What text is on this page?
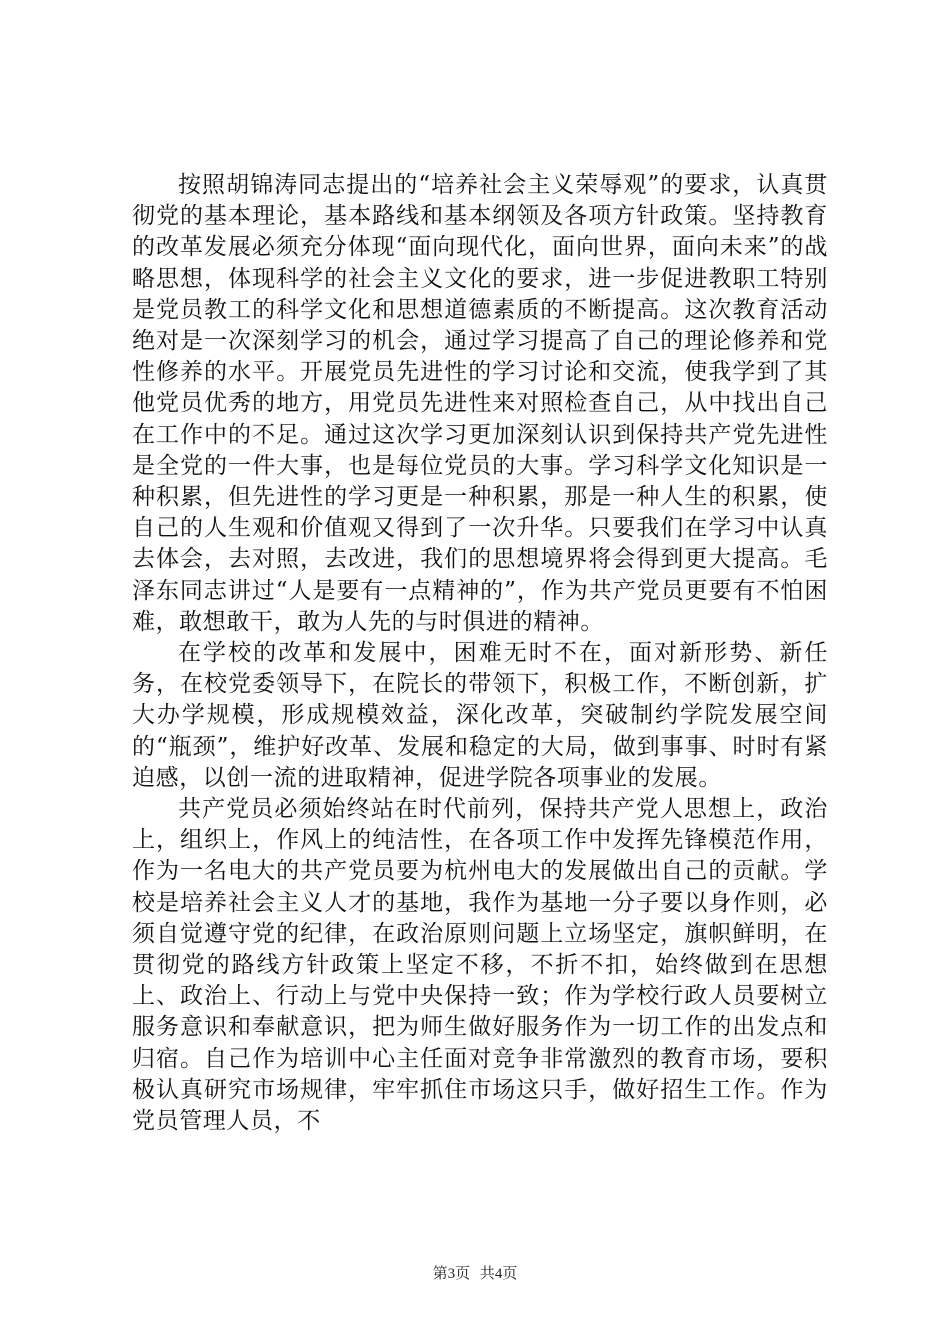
按照胡锦涛同志提出的“培养社会主义荣辱观”的要求，认真贯彻党的基本理论，基本路线和基本纲领及各项方针政策。坚持教育的改革发展必须充分体现“面向现代化，面向世界，面向未来”的战略思想，体现科学的社会主义文化的要求，进一步促进教职工特别是党员教工的科学文化和思想道德素质的不断提高。这次教育活动绝对是一次深刻学习的机会，通过学习提高了自己的理论修养和党性修养的水平。开展党员先进性的学习讨论和交流，使我学到了其他党员优秀的地方，用党员先进性来对照检查自己，从中找出自己在工作中的不足。通过这次学习更加深刻认识到保持共产党先进性是全党的一件大事，也是每位党员的大事。学习科学文化知识是一种积累，但先进性的学习更是一种积累，那是一种人生的积累，使自己的人生观和价值观又得到了一次升华。只要我们在学习中认真去体会，去对照，去改进，我们的思想境界将会得到更大提高。毛泽东同志讲过“人是要有一点精神的”，作为共产党员更要有不怕困难，敢想敢干，敢为人先的与时俱进的精神。

在学校的改革和发展中，困难无时不在，面对新形势、新任务，在校党委领导下，在院长的带领下，积极工作，不断创新，扩大办学规模，形成规模效益，深化改革，突破制约学院发展空间的“瓶颈”，维护好改革、发展和稳定的大局，做到事事、时时有紧迫感，以创一流的进取精神，促进学院各项事业的发展。

共产党员必须始终站在时代前列，保持共产党人思想上，政治上，组织上，作风上的纯洁性，在各项工作中发挥先锋模范作用，作为一名电大的共产党员要为杭州电大的发展做出自己的贡献。学校是培养社会主义人才的基地，我作为基地一分子要以身作则，必须自觉遵守党的纪律，在政治原则问题上立场坚定，旗帜鲜明，在贯彻党的路线方针政策上坚定不移，不折不扣，始终做到在思想上、政治上、行动上与党中央保持一致；作为学校行政人员要树立服务意识和奉献意识，把为师生做好服务作为一切工作的出发点和归宿。自己作为培训中心主任面对竞争非常激烈的教育市场，要积极认真研究市场规律，牢牢抓住市场这只手，做好招生工作。作为党员管理人员，不

第3页 共4页
